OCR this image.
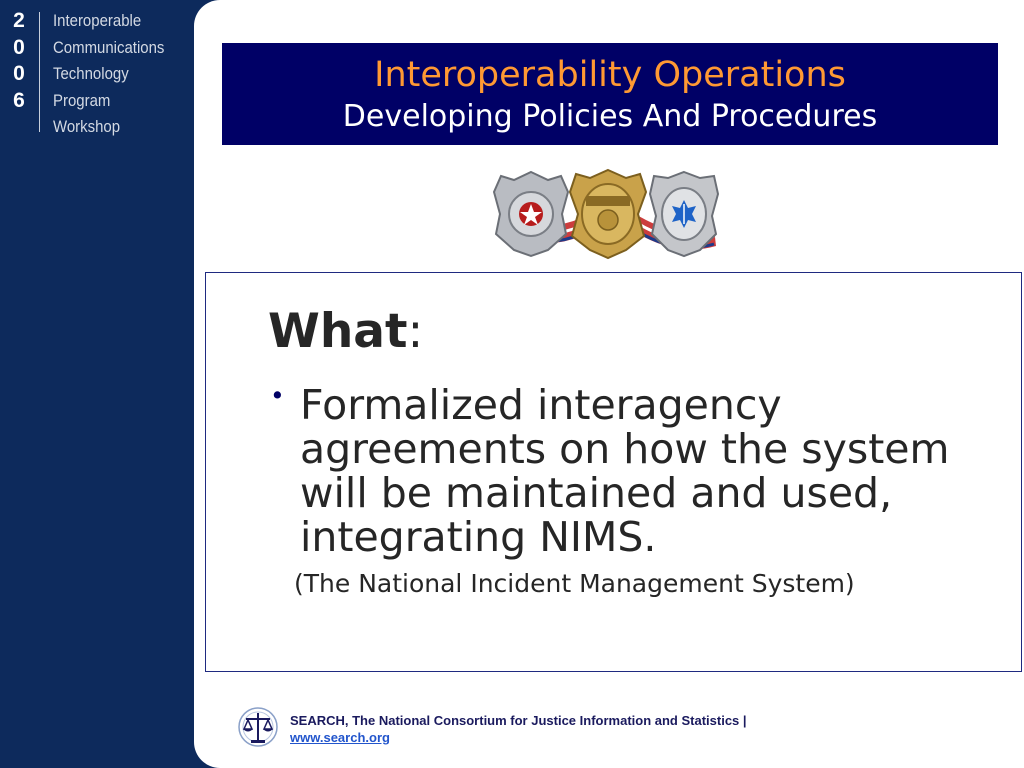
2
0
0
6
Interoperable
Communications
Technology
Program
Workshop
Interoperability Operations
Developing Policies And Procedures
What:
• Formalized interagency agreements on how the system will be maintained and used, integrating NIMS.
(The National Incident Management System)
SEARCH, The National Consortium for Justice Information and Statistics |
www.search.org
